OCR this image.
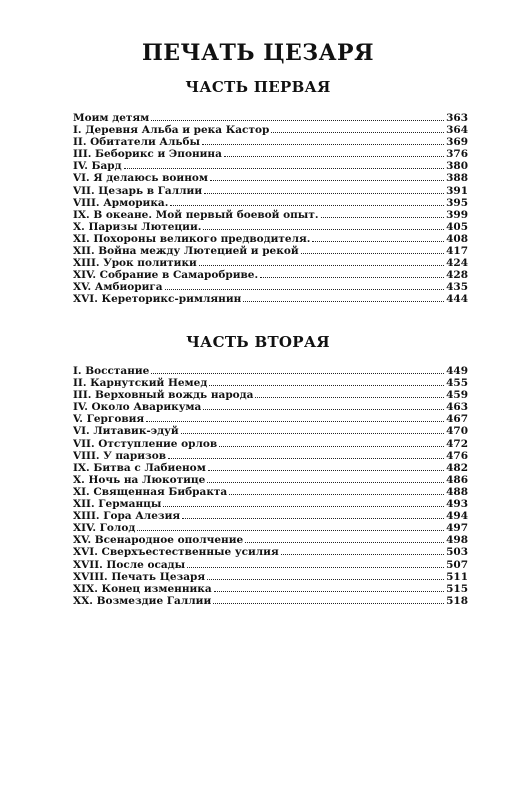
ПЕЧАТЬ ЦЕЗАРЯ
ЧАСТЬ ПЕРВАЯ
Моим детям	363
I. Деревня Альба и река Кастор	364
II. Обитатели Альбы	369
III. Беборикс и Эпонина	376
IV. Бард	380
VI. Я делаюсь воином	388
VII. Цезарь в Галлии	391
VIII. Арморика.	395
IX. В океане. Мой первый боевой опыт.	399
X. Паризы Лютеции.	405
XI. Похороны великого предводителя.	408
XII. Война между Лютецией и рекой	417
XIII. Урок политики	424
XIV. Собрание в Самаробриве.	428
XV. Амбиорига	435
XVI. Кереторикс-римлянин	444
ЧАСТЬ ВТОРАЯ
I. Восстание	449
II. Карнутский Немед	455
III. Верховный вождь народа	459
IV. Около Аварикума	463
V. Герговия	467
VI. Литавик-эдуй	470
VII. Отступление орлов	472
VIII. У паризов	476
IX. Битва с Лабиеном	482
X. Ночь на Люкотице	486
XI. Священная Бибракта	488
XII. Германцы	493
XIII. Гора Алезия	494
XIV. Голод	497
XV. Всенародное ополчение	498
XVI. Сверхъестественные усилия	503
XVII. После осады	507
XVIII. Печать Цезаря	511
XIX. Конец изменника	515
XX. Возмездие Галлии	518
